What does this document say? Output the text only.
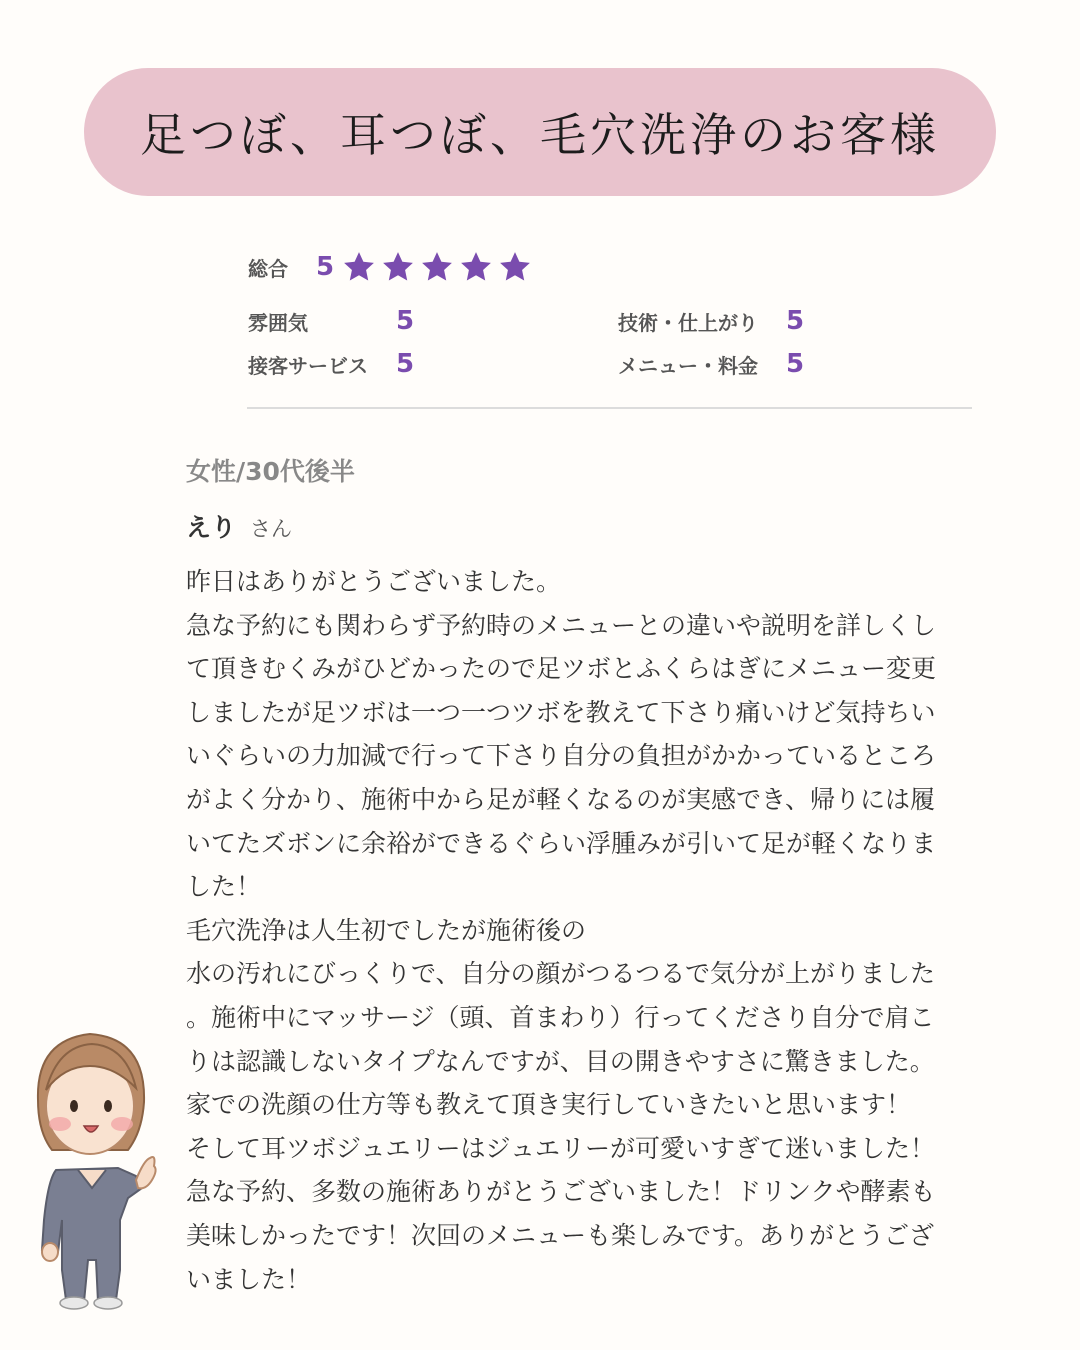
足つぼ、耳つぼ、毛穴洗浄のお客様
総合 5
雰囲気	5	技術・仕上がり	5
接客サービス	5	メニュー・料金	5
女性/30代後半
えり さん
昨日はありがとうございました。
急な予約にも関わらず予約時のメニューとの違いや説明を詳しくし
て頂きむくみがひどかったので足ツボとふくらはぎにメニュー変更
しましたが足ツボは一つ一つツボを教えて下さり痛いけど気持ちい
いぐらいの力加減で行って下さり自分の負担がかかっているところ
がよく分かり、施術中から足が軽くなるのが実感でき、帰りには履
いてたズボンに余裕ができるぐらい浮腫みが引いて足が軽くなりま
した！
毛穴洗浄は人生初でしたが施術後の
水の汚れにびっくりで、自分の顔がつるつるで気分が上がりました
。施術中にマッサージ（頭、首まわり）行ってくださり自分で肩こ
りは認識しないタイプなんですが、目の開きやすさに驚きました。
家での洗顔の仕方等も教えて頂き実行していきたいと思います！
そして耳ツボジュエリーはジュエリーが可愛いすぎて迷いました！
急な予約、多数の施術ありがとうございました！ドリンクや酵素も
美味しかったです！次回のメニューも楽しみです。ありがとうござ
いました！
